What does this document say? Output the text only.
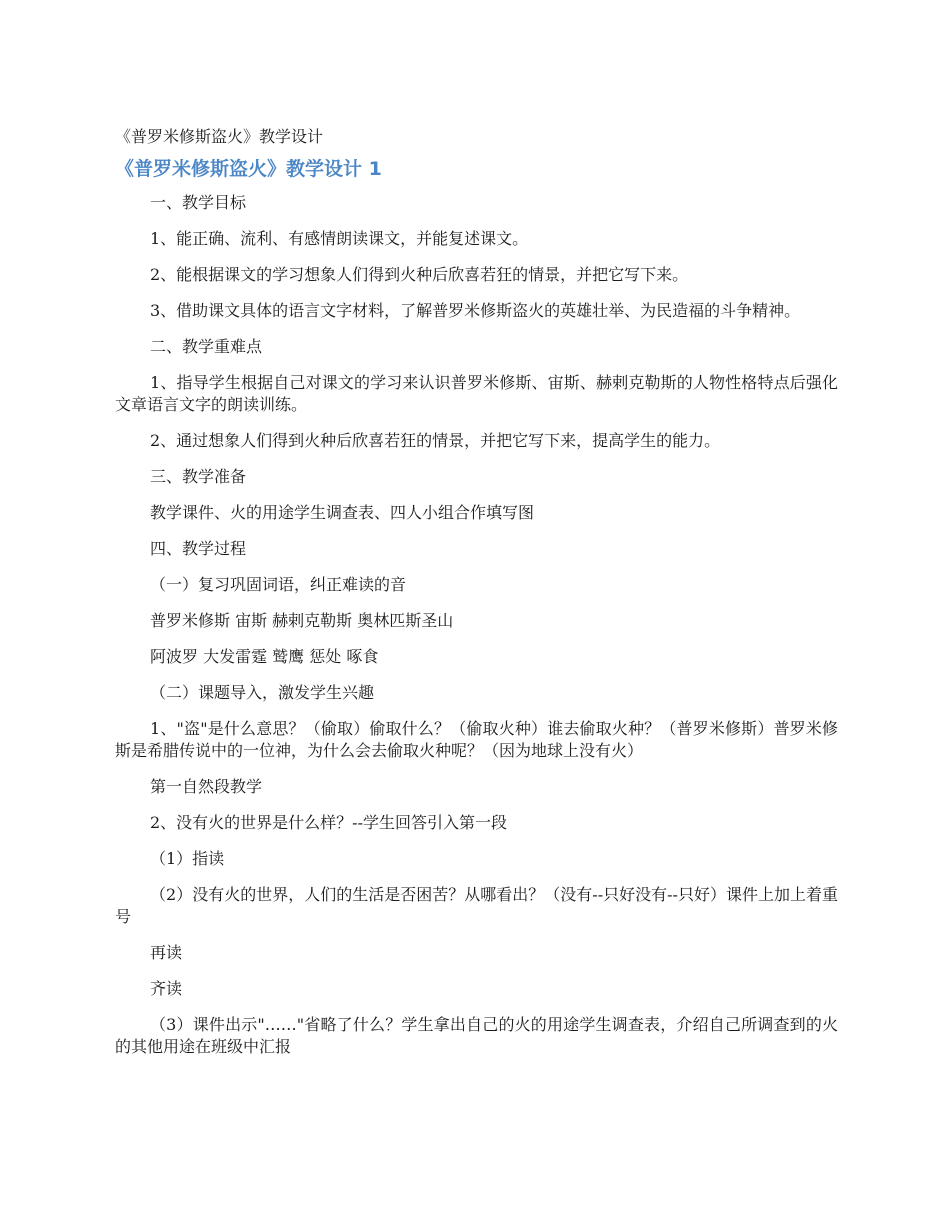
《普罗米修斯盗火》教学设计
《普罗米修斯盗火》教学设计 1

一、教学目标

1、能正确、流利、有感情朗读课文，并能复述课文。

2、能根据课文的学习想象人们得到火种后欣喜若狂的情景，并把它写下来。

3、借助课文具体的语言文字材料，了解普罗米修斯盗火的英雄壮举、为民造福的斗争精神。

二、教学重难点

1、指导学生根据自己对课文的学习来认识普罗米修斯、宙斯、赫剌克勒斯的人物性格特点后强化文章语言文字的朗读训练。

2、通过想象人们得到火种后欣喜若狂的情景，并把它写下来，提高学生的能力。

三、教学准备

教学课件、火的用途学生调查表、四人小组合作填写图

四、教学过程

（一）复习巩固词语，纠正难读的音

普罗米修斯 宙斯 赫剌克勒斯 奥林匹斯圣山

阿波罗 大发雷霆 鹫鹰 惩处 啄食

（二）课题导入，激发学生兴趣

1、"盗"是什么意思？（偷取）偷取什么？（偷取火种）谁去偷取火种？（普罗米修斯）普罗米修斯是希腊传说中的一位神，为什么会去偷取火种呢？（因为地球上没有火）

第一自然段教学

2、没有火的世界是什么样？--学生回答引入第一段

（1）指读

（2）没有火的世界，人们的生活是否困苦？从哪看出？（没有--只好没有--只好）课件上加上着重号

再读

齐读

（3）课件出示"……"省略了什么？学生拿出自己的火的用途学生调查表，介绍自己所调查到的火的其他用途在班级中汇报
